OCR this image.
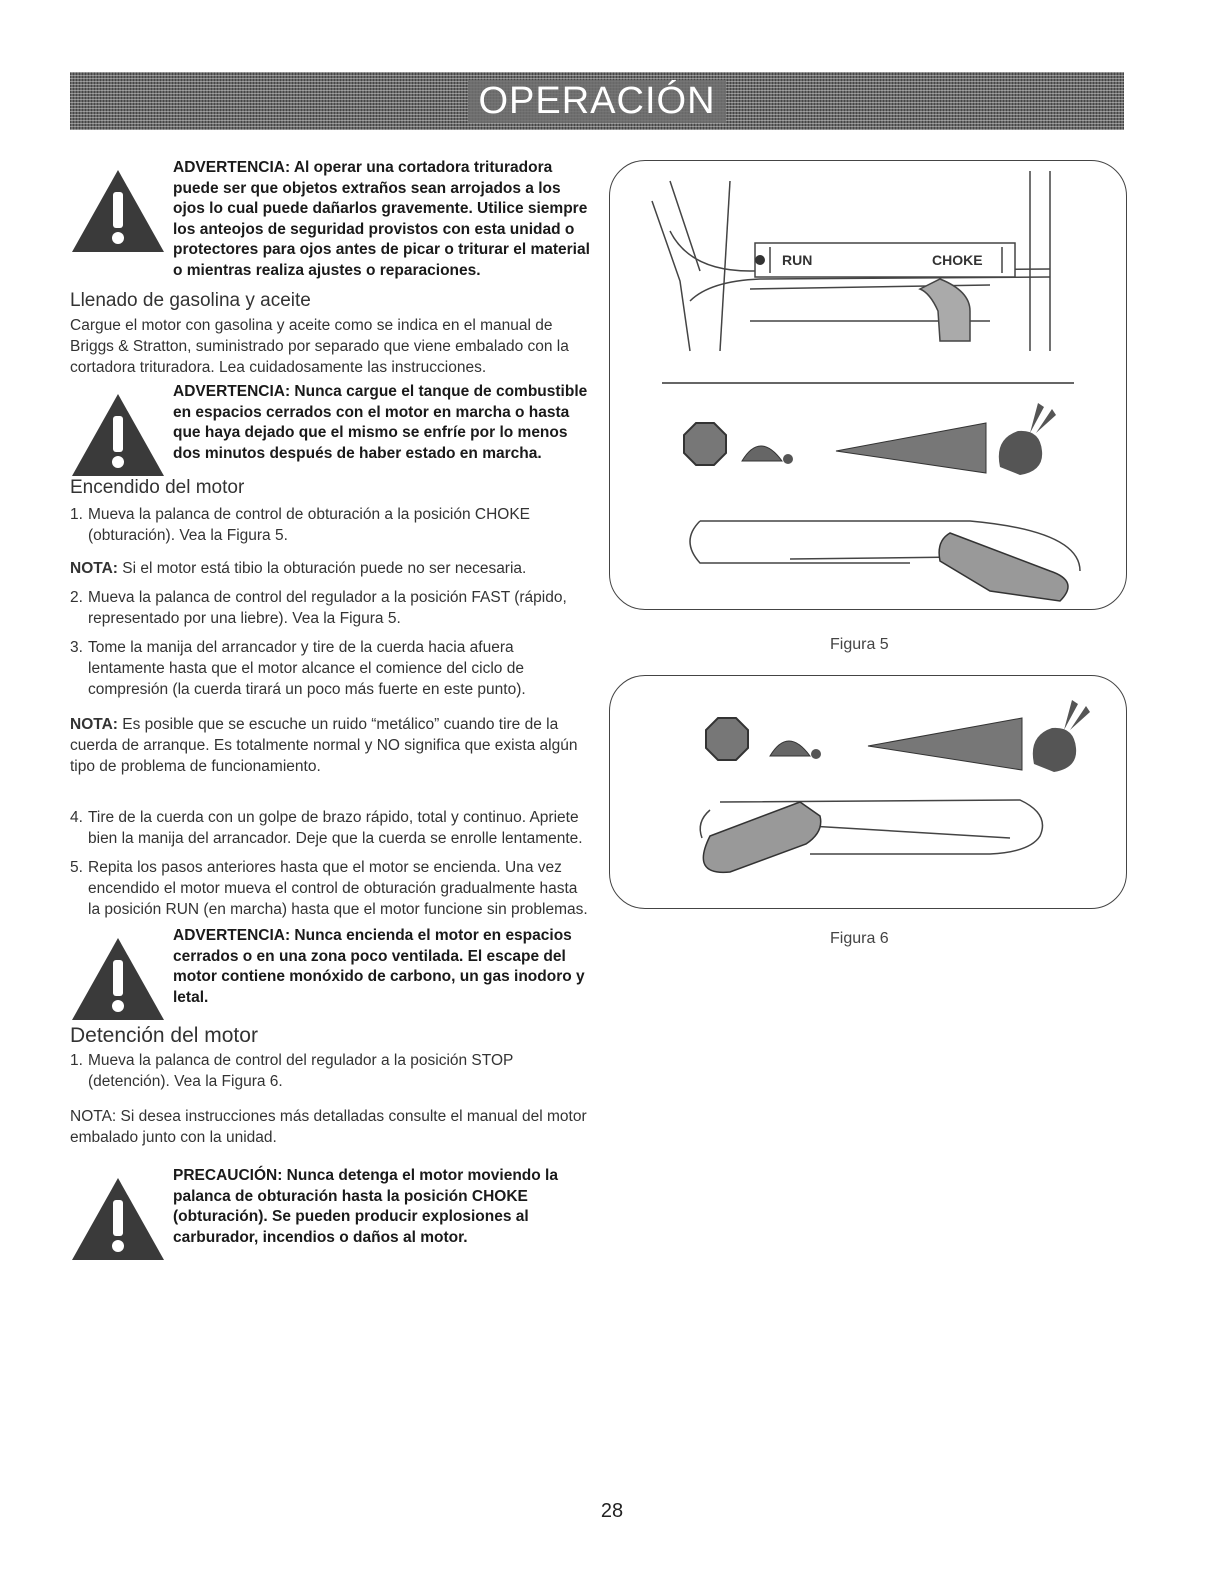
OPERACIÓN

ADVERTENCIA: Al operar una cortadora trituradora puede ser que objetos extraños sean arrojados a los ojos lo cual puede dañarlos gravemente. Utilice siempre los anteojos de seguridad provistos con esta unidad o protectores para ojos antes de picar o triturar el material o mientras realiza ajustes o reparaciones.

Llenado de gasolina y aceite

Cargue el motor con gasolina y aceite como se indica en el manual de Briggs & Stratton, suministrado por separado que viene embalado con la cortadora trituradora. Lea cuidadosamente las instrucciones.

ADVERTENCIA: Nunca cargue el tanque de combustible en espacios cerrados con el motor en marcha o hasta que haya dejado que el mismo se enfríe por lo menos dos minutos después de haber estado en marcha.

Encendido del motor

1. Mueva la palanca de control de obturación a la posición CHOKE (obturación). Vea la Figura 5.

NOTA: Si el motor está tibio la obturación puede no ser necesaria.

2. Mueva la palanca de control del regulador a la posición FAST (rápido, representado por una liebre). Vea la Figura 5.

3. Tome la manija del arrancador y tire de la cuerda hacia afuera lentamente hasta que el motor alcance el comience del ciclo de compresión (la cuerda tirará un poco más fuerte en este punto).

NOTA: Es posible que se escuche un ruido “metálico” cuando tire de la cuerda de arranque. Es totalmente normal y NO significa que exista algún tipo de problema de funcionamiento.

4. Tire de la cuerda con un golpe de brazo rápido, total y continuo. Apriete bien la manija del arrancador. Deje que la cuerda se enrolle lentamente.

5. Repita los pasos anteriores hasta que el motor se encienda. Una vez encendido el motor mueva el control de obturación gradualmente hasta la posición RUN (en marcha) hasta que el motor funcione sin problemas.

ADVERTENCIA: Nunca encienda el motor en espacios cerrados o en una zona poco ventilada. El escape del motor contiene monóxido de carbono, un gas inodoro y letal.

Detención del motor

1. Mueva la palanca de control del regulador a la posición STOP (detención). Vea la Figura 6.

NOTA: Si desea instrucciones más detalladas consulte el manual del motor embalado junto con la unidad.

PRECAUCIÓN: Nunca detenga el motor moviendo la palanca de obturación hasta la posición CHOKE (obturación). Se pueden producir explosiones al carburador, incendios o daños al motor.

RUN	CHOKE
Figura 5
Figura 6
28
